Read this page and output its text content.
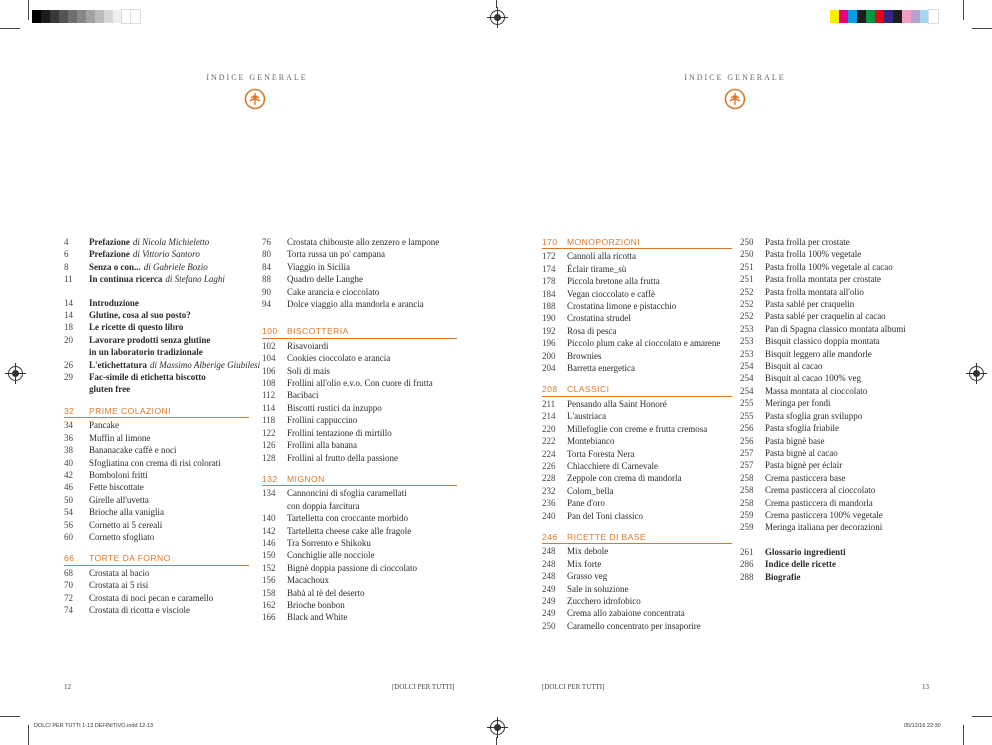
INDICE GENERALE	INDICE GENERALE
4	Prefazione di Nicola Michieletto
6	Prefazione di Vittorio Santoro
8	Senza o con... di Gabriele Bozio
11	In continua ricerca di Stefano Laghi
14	Introduzione
14	Glutine, cosa al suo posto?
18	Le ricette di questo libro
20	Lavorare prodotti senza glutine
in un laboratorio tradizionale
26	L'etichettatura di Massimo Alberige Giubilesi
29	Fac-simile di etichetta biscotto
gluten free
32	PRIME COLAZIONI
34	Pancake
36	Muffin al limone
38	Bananacake caffè e noci
40	Sfogliatina con crema di risi colorati
42	Bomboloni fritti
46	Fette biscottate
50	Girelle all'uvetta
54	Brioche alla vaniglia
56	Cornetto ai 5 cereali
60	Cornetto sfogliato
66	TORTE DA FORNO
68	Crostata al bacio
70	Crostata ai 5 risi
72	Crostata di noci pecan e caramello
74	Crostata di ricotta e visciole
76	Crostata chibouste allo zenzero e lampone
80	Torta russa un po' campana
84	Viaggio in Sicilia
88	Quadro delle Langhe
90	Cake arancia e cioccolato
94	Dolce viaggio alla mandorla e arancia
100	BISCOTTERIA
102	Risavoiardi
104	Cookies cioccolato e arancia
106	Soli di mais
108	Frollini all'olio e.v.o. Con cuore di frutta
112	Bacibaci
114	Biscotti rustici da inzuppo
118	Frollini cappuccino
122	Frollini tentazione di mirtillo
126	Frollini alla banana
128	Frollini al frutto della passione
132	MIGNON
134	Cannoncini di sfoglia caramellati
con doppia farcitura
140	Tartelletta con croccante morbido
142	Tartelletta cheese cake alle fragole
146	Tra Sorrento e Shikoku
150	Conchiglie alle nocciole
152	Bignè doppia passione di cioccolato
156	Macachoux
158	Babà al tè del deserto
162	Brioche bonbon
166	Black and White
170	MONOPORZIONI
172	Cannoli alla ricotta
174	Éclair tirame_sù
178	Piccola bretone alla frutta
184	Vegan cioccolato e caffè
188	Crostatina limone e pistacchio
190	Crostatina strudel
192	Rosa di pesca
196	Piccolo plum cake al cioccolato e amarene
200	Brownies
204	Barretta energetica
208	CLASSICI
211	Pensando alla Saint Honoré
214	L'austriaca
220	Millefoglie con creme e frutta cremosa
222	Montebianco
224	Torta Foresta Nera
226	Chiacchiere di Carnevale
228	Zeppole con crema di mandorla
232	Colom_bella
236	Pane d'oro
240	Pan del Toni classico
246	RICETTE DI BASE
248	Mix debole
248	Mix forte
248	Grasso veg
249	Sale in soluzione
249	Zucchero idrofobico
249	Crema allo zabaione concentrata
250	Caramello concentrato per insaporire
250	Pasta frolla per crostate
250	Pasta frolla 100% vegetale
251	Pasta frolla 100% vegetale al cacao
251	Pasta frolla montata per crostate
252	Pasta frolla montata all'olio
252	Pasta sablé per craquelin
252	Pasta sablé per craquelin al cacao
253	Pan di Spagna classico montata albumi
253	Bisquit classico doppia montata
253	Bisquit leggero alle mandorle
254	Bisquit al cacao
254	Bisquit al cacao 100% veg
254	Massa montata al cioccolato
255	Meringa per fondi
255	Pasta sfoglia gran sviluppo
256	Pasta sfoglia friabile
256	Pasta bignè base
257	Pasta bignè al cacao
257	Pasta bignè per éclair
258	Crema pasticcera base
258	Crema pasticcera al cioccolato
258	Crema pasticcera di mandorla
259	Crema pasticcera 100% vegetale
259	Meringa italiana per decorazioni
261	Glossario ingredienti
286	Indice delle ricette
288	Biografie
12	[DOLCI PER TUTTI]	[DOLCI PER TUTTI]	13
DOLCI PER TUTTI 1-13 DEFINITIVO.indd 12-13	05/12/16 22:30
